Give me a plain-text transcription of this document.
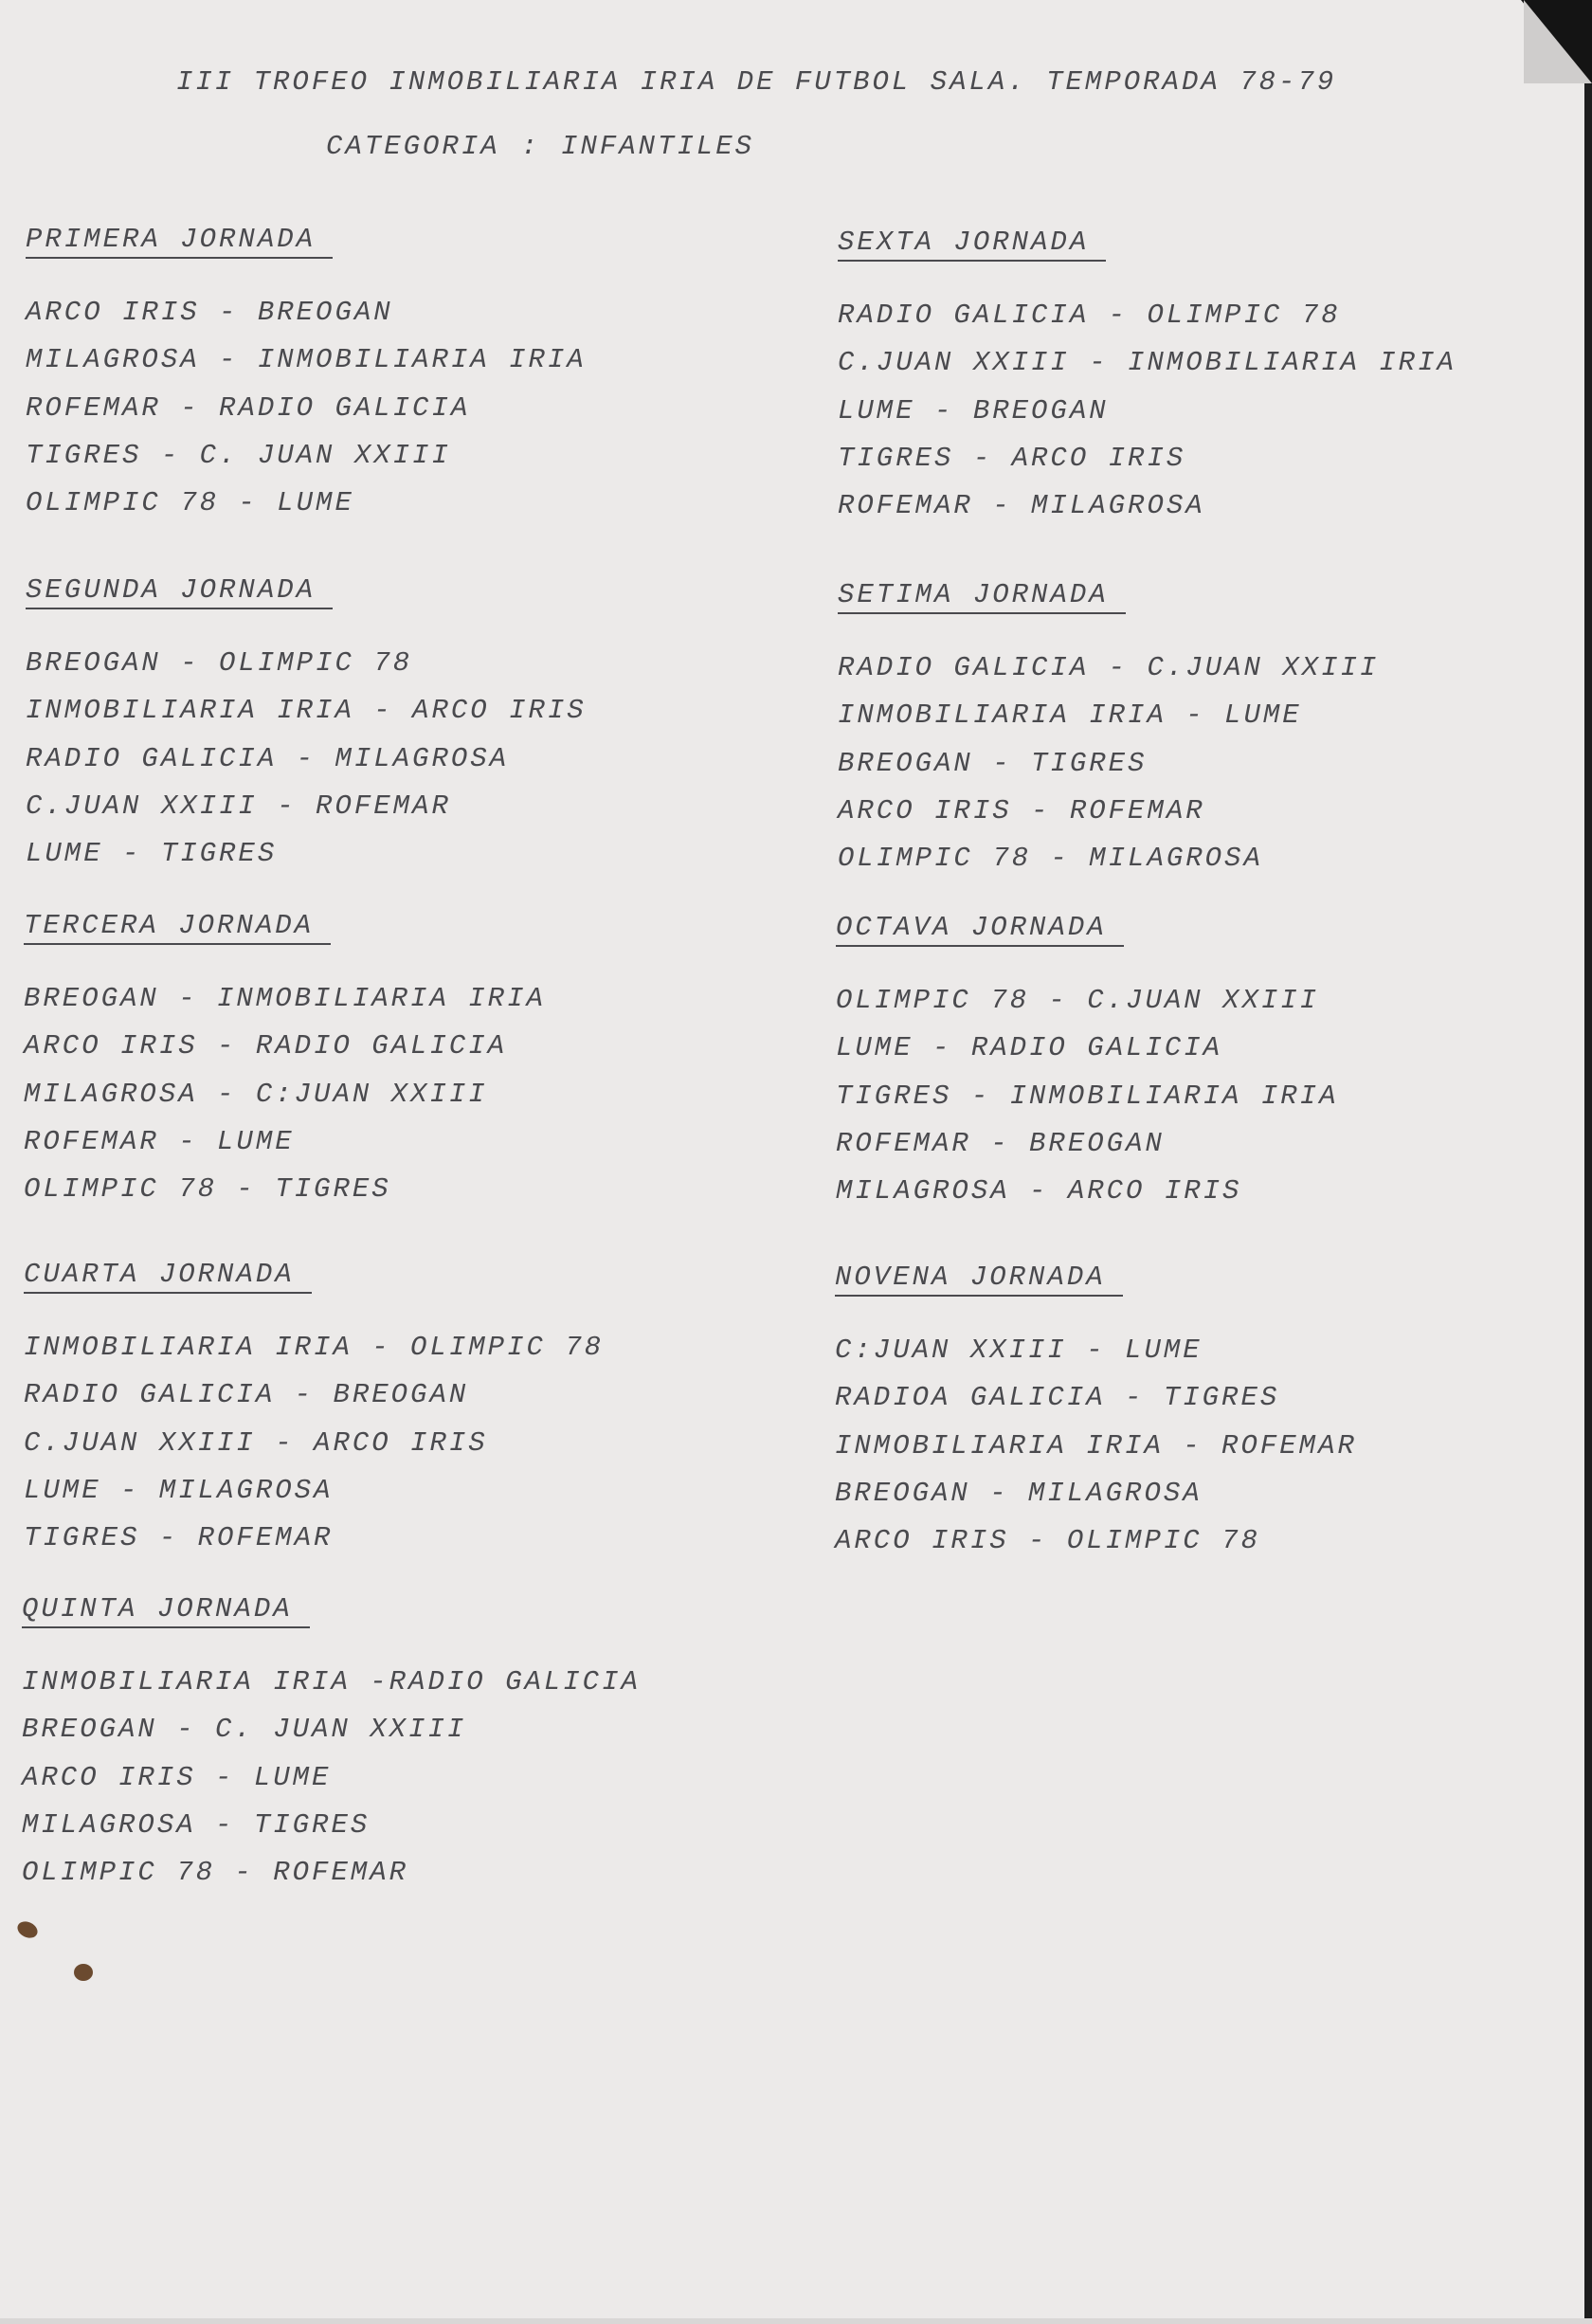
III TROFEO INMOBILIARIA IRIA DE FUTBOL SALA. TEMPORADA 78-79
CATEGORIA : INFANTILES
PRIMERA JORNADA
ARCO IRIS - BREOGAN
MILAGROSA - INMOBILIARIA IRIA
ROFEMAR - RADIO GALICIA
TIGRES - C. JUAN XXIII
OLIMPIC 78 - LUME
SEGUNDA JORNADA
BREOGAN - OLIMPIC 78
INMOBILIARIA IRIA - ARCO IRIS
RADIO GALICIA - MILAGROSA
C.JUAN XXIII - ROFEMAR
LUME - TIGRES
TERCERA JORNADA
BREOGAN - INMOBILIARIA IRIA
ARCO IRIS - RADIO GALICIA
MILAGROSA - C:JUAN XXIII
ROFEMAR - LUME
OLIMPIC 78 - TIGRES
CUARTA JORNADA
INMOBILIARIA IRIA - OLIMPIC 78
RADIO GALICIA - BREOGAN
C.JUAN XXIII - ARCO IRIS
LUME - MILAGROSA
TIGRES - ROFEMAR
QUINTA JORNADA
INMOBILIARIA IRIA -RADIO GALICIA
BREOGAN - C. JUAN XXIII
ARCO IRIS - LUME
MILAGROSA - TIGRES
OLIMPIC 78 - ROFEMAR
SEXTA JORNADA
RADIO GALICIA - OLIMPIC 78
C.JUAN XXIII - INMOBILIARIA IRIA
LUME - BREOGAN
TIGRES - ARCO IRIS
ROFEMAR - MILAGROSA
SETIMA JORNADA
RADIO GALICIA - C.JUAN XXIII
INMOBILIARIA IRIA - LUME
BREOGAN - TIGRES
ARCO IRIS - ROFEMAR
OLIMPIC 78 - MILAGROSA
OCTAVA JORNADA
OLIMPIC 78 - C.JUAN XXIII
LUME - RADIO GALICIA
TIGRES - INMOBILIARIA IRIA
ROFEMAR - BREOGAN
MILAGROSA - ARCO IRIS
NOVENA JORNADA
C:JUAN XXIII - LUME
RADIOA GALICIA - TIGRES
INMOBILIARIA IRIA - ROFEMAR
BREOGAN - MILAGROSA
ARCO IRIS - OLIMPIC 78
